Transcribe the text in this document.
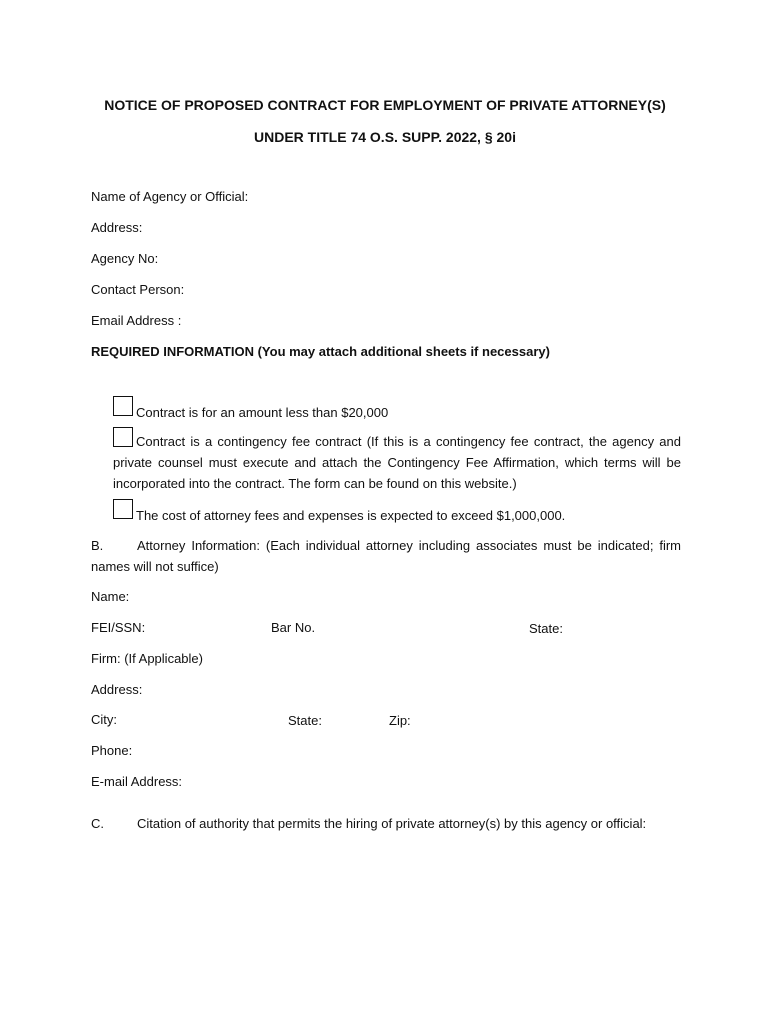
NOTICE OF PROPOSED CONTRACT FOR EMPLOYMENT OF PRIVATE ATTORNEY(S)
UNDER TITLE 74 O.S. SUPP. 2022, § 20i
Name of Agency or Official:
Address:
Agency No:
Contact Person:
Email Address :
REQUIRED INFORMATION (You may attach additional sheets if necessary)
Contract is for an amount less than $20,000
Contract is a contingency fee contract (If this is a contingency fee contract, the agency and private counsel must execute and attach the Contingency Fee Affirmation, which terms will be incorporated into the contract. The form can be found on this website.)
The cost of attorney fees and expenses is expected to exceed $1,000,000.
B.	Attorney Information: (Each individual attorney including associates must be indicated; firm names will not suffice)
Name:
FEI/SSN:	Bar No.	State:
Firm: (If Applicable)
Address:
City:	State:	Zip:
Phone:
E-mail Address:
C.	Citation of authority that permits the hiring of private attorney(s) by this agency or official:
